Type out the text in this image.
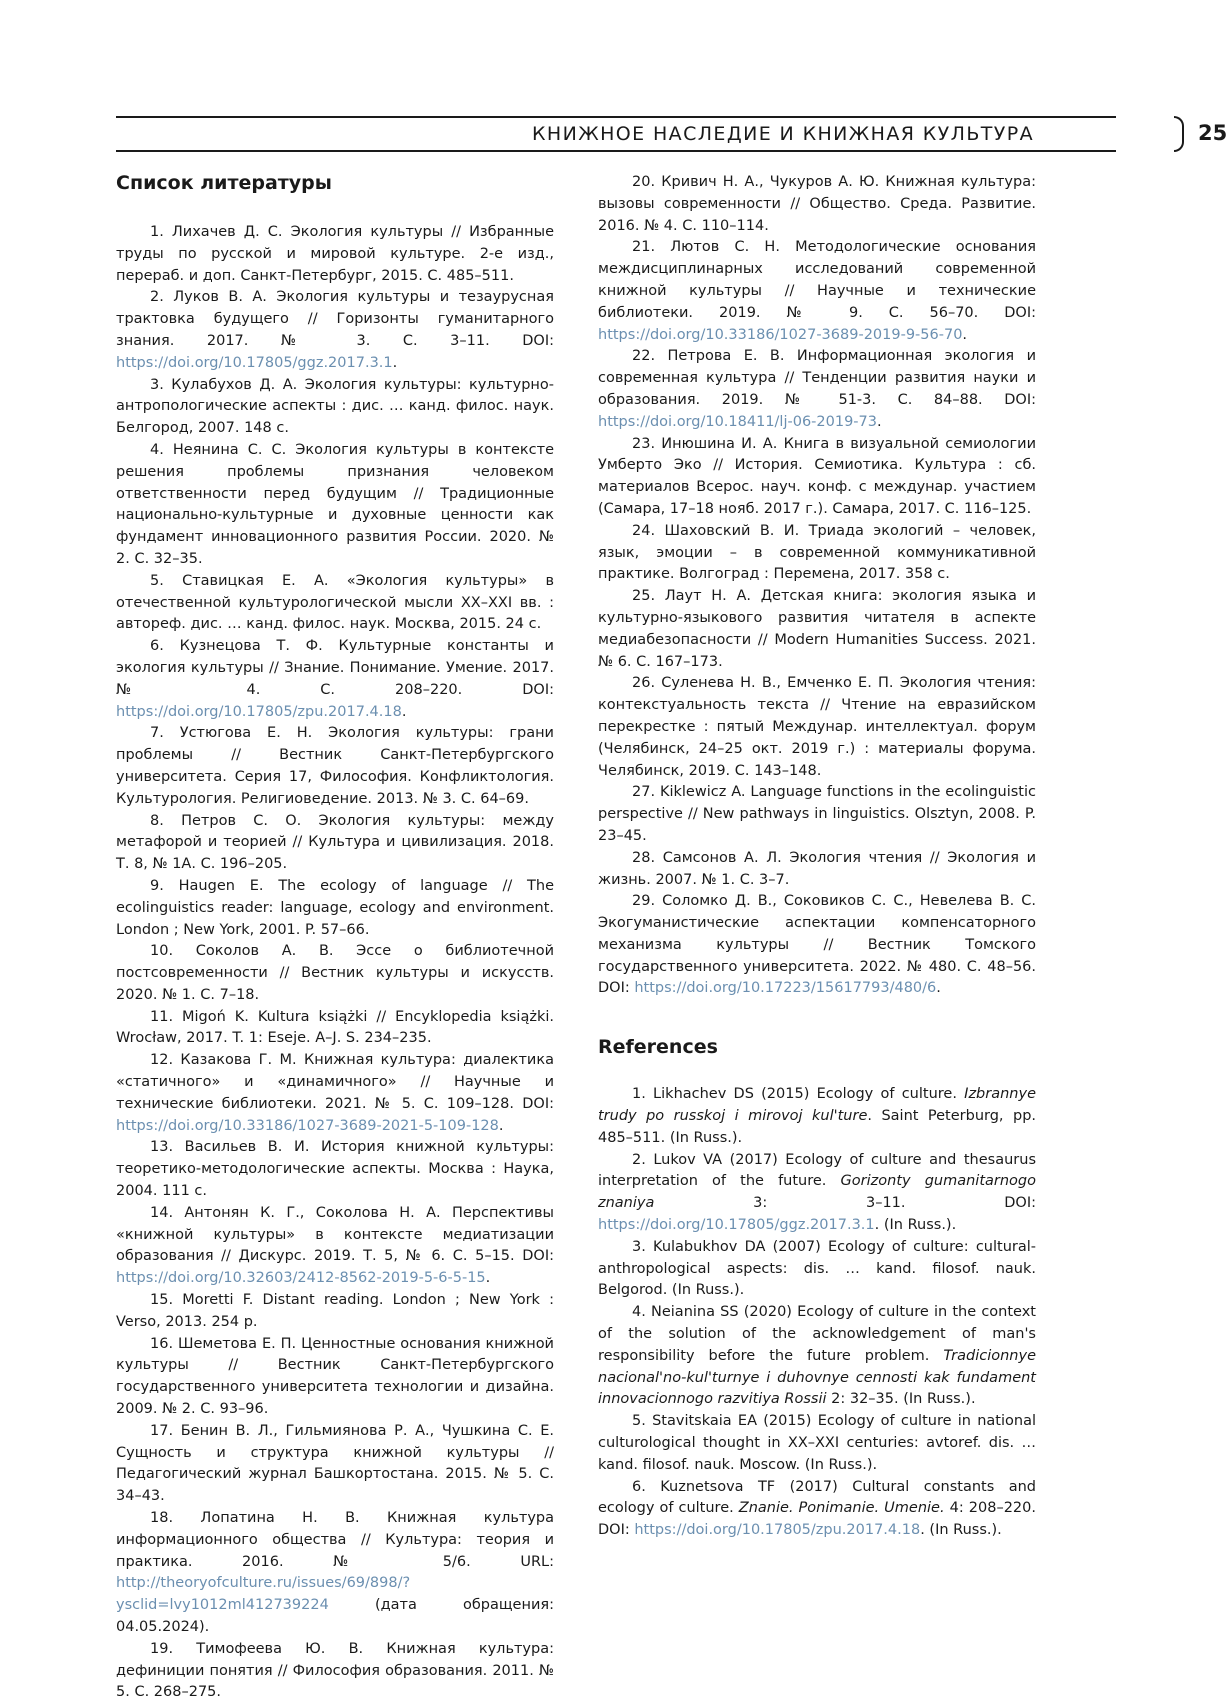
КНИЖНОЕ НАСЛЕДИЕ И КНИЖНАЯ КУЛЬТУРА	25
Список литературы

1. Лихачев Д. С. Экология культуры // Избранные труды по русской и мировой культуре. 2-е изд., перераб. и доп. Санкт-Петербург, 2015. С. 485–511.

2. Луков В. А. Экология культуры и тезаурусная трактовка будущего // Горизонты гуманитарного знания. 2017. № 3. С. 3–11. DOI: https://doi.org/10.17805/ggz.2017.3.1.

3. Кулабухов Д. А. Экология культуры: культурно-антропологические аспекты : дис. … канд. филос. наук. Белгород, 2007. 148 с.

4. Неянина С. С. Экология культуры в контексте решения проблемы признания человеком ответственности перед будущим // Традиционные национально-культурные и духовные ценности как фундамент инновационного развития России. 2020. № 2. С. 32–35.

5. Ставицкая Е. А. «Экология культуры» в отечественной культурологической мысли XX–XXI вв. : автореф. дис. … канд. филос. наук. Москва, 2015. 24 с.

6. Кузнецова Т. Ф. Культурные константы и экология культуры // Знание. Понимание. Умение. 2017. № 4. С. 208–220. DOI: https://doi.org/10.17805/zpu.2017.4.18.

7. Устюгова Е. Н. Экология культуры: грани проблемы // Вестник Санкт-Петербургского университета. Серия 17, Философия. Конфликтология. Культурология. Религиоведение. 2013. № 3. С. 64–69.

8. Петров С. О. Экология культуры: между метафорой и теорией // Культура и цивилизация. 2018. Т. 8, № 1А. С. 196–205.

9. Haugen E. The ecology of language // The ecolinguistics reader: language, ecology and environment. London ; New York, 2001. P. 57–66.

10. Соколов А. В. Эссе о библиотечной постсовременности // Вестник культуры и искусств. 2020. № 1. С. 7–18.

11. Migoń K. Kultura książki // Encyklopedia książki. Wrocław, 2017. T. 1: Eseje. A–J. S. 234–235.

12. Казакова Г. М. Книжная культура: диалектика «статичного» и «динамичного» // Научные и технические библиотеки. 2021. № 5. С. 109–128. DOI: https://doi.org/10.33186/1027-3689-2021-5-109-128.

13. Васильев В. И. История книжной культуры: теоретико-методологические аспекты. Москва : Наука, 2004. 111 с.

14. Антонян К. Г., Соколова Н. А. Перспективы «книжной культуры» в контексте медиатизации образования // Дискурс. 2019. Т. 5, № 6. С. 5–15. DOI: https://doi.org/10.32603/2412-8562-2019-5-6-5-15.

15. Moretti F. Distant reading. London ; New York : Verso, 2013. 254 p.

16. Шеметова Е. П. Ценностные основания книжной культуры // Вестник Санкт-Петербургского государственного университета технологии и дизайна. 2009. № 2. С. 93–96.

17. Бенин В. Л., Гильмиянова Р. А., Чушкина С. Е. Сущность и структура книжной культуры // Педагогический журнал Башкортостана. 2015. № 5. С. 34–43.

18. Лопатина Н. В. Книжная культура информационного общества // Культура: теория и практика. 2016. № 5/6. URL: http://theoryofculture.ru/issues/69/898/?ysclid=lvy1012ml412739224 (дата обращения: 04.05.2024).

19. Тимофеева Ю. В. Книжная культура: дефиниции понятия // Философия образования. 2011. № 5. С. 268–275.

20. Кривич Н. А., Чукуров А. Ю. Книжная культура: вызовы современности // Общество. Среда. Развитие. 2016. № 4. С. 110–114.

21. Лютов С. Н. Методологические основания междисциплинарных исследований современной книжной культуры // Научные и технические библиотеки. 2019. № 9. С. 56–70. DOI: https://doi.org/10.33186/1027-3689-2019-9-56-70.

22. Петрова Е. В. Информационная экология и современная культура // Тенденции развития науки и образования. 2019. № 51-3. С. 84–88. DOI: https://doi.org/10.18411/lj-06-2019-73.

23. Инюшина И. А. Книга в визуальной семиологии Умберто Эко // История. Семиотика. Культура : сб. материалов Всерос. науч. конф. с междунар. участием (Самара, 17–18 нояб. 2017 г.). Самара, 2017. С. 116–125.

24. Шаховский В. И. Триада экологий – человек, язык, эмоции – в современной коммуникативной практике. Волгоград : Перемена, 2017. 358 с.

25. Лаут Н. А. Детская книга: экология языка и культурно-языкового развития читателя в аспекте медиабезопасности // Modern Humanities Success. 2021. № 6. С. 167–173.

26. Суленева Н. В., Емченко Е. П. Экология чтения: контекстуальность текста // Чтение на евразийском перекрестке : пятый Междунар. интеллектуал. форум (Челябинск, 24–25 окт. 2019 г.) : материалы форума. Челябинск, 2019. С. 143–148.

27. Kiklewicz A. Language functions in the ecolinguistic perspective // New pathways in linguistics. Olsztyn, 2008. P. 23–45.

28. Самсонов А. Л. Экология чтения // Экология и жизнь. 2007. № 1. С. 3–7.

29. Соломко Д. В., Соковиков С. С., Невелева В. С. Экогуманистические аспектации компенсаторного механизма культуры // Вестник Томского государственного университета. 2022. № 480. С. 48–56. DOI: https://doi.org/10.17223/15617793/480/6.

References

1. Likhachev DS (2015) Ecology of culture. Izbrannye trudy po russkoj i mirovoj kul'ture. Saint Peterburg, pp. 485–511. (In Russ.).

2. Lukov VA (2017) Ecology of culture and thesaurus interpretation of the future. Gorizonty gumanitarnogo znaniya 3: 3–11. DOI: https://doi.org/10.17805/ggz.2017.3.1. (In Russ.).

3. Kulabukhov DA (2007) Ecology of culture: cultural-anthropological aspects: dis. … kand. filosof. nauk. Belgorod. (In Russ.).

4. Neianina SS (2020) Ecology of culture in the context of the solution of the acknowledgement of man's responsibility before the future problem. Tradicionnye nacional'no-kul'turnye i duhovnye cennosti kak fundament innovacionnogo razvitiya Rossii 2: 32–35. (In Russ.).

5. Stavitskaia EA (2015) Ecology of culture in national culturological thought in XX–XXI centuries: avtoref. dis. … kand. filosof. nauk. Moscow. (In Russ.).

6. Kuznetsova TF (2017) Cultural constants and ecology of culture. Znanie. Ponimanie. Umenie. 4: 208–220. DOI: https://doi.org/10.17805/zpu.2017.4.18. (In Russ.).
